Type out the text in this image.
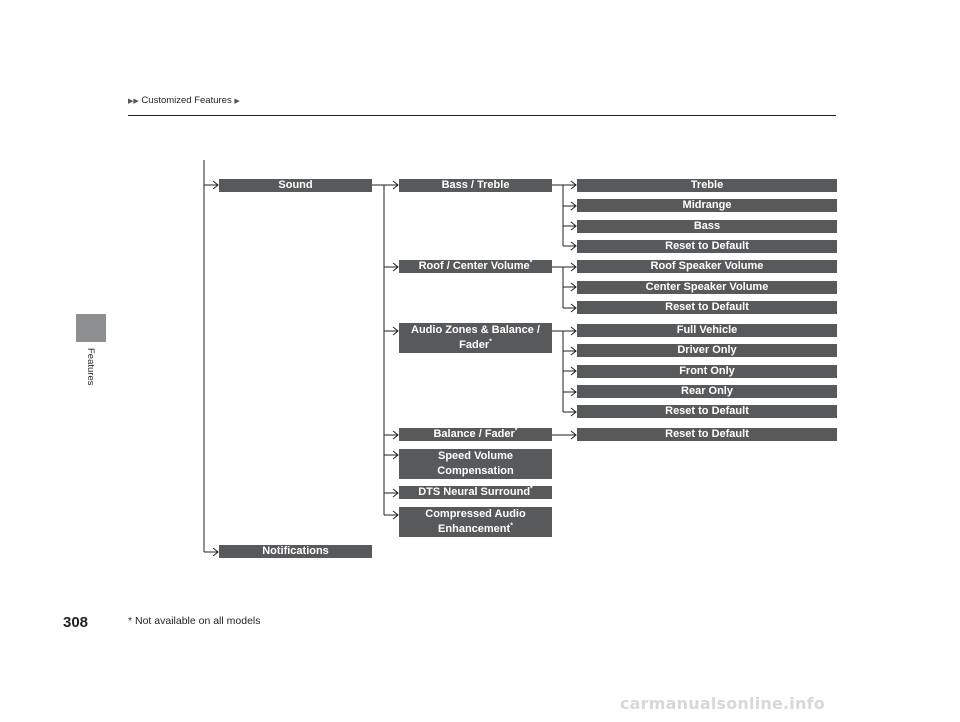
▶▶ Customized Features ▶
Features
Sound
Notifications
Bass / Treble
Roof / Center Volume*
Audio Zones & Balance /
Fader*
Balance / Fader*
Speed Volume
Compensation
DTS Neural Surround*
Compressed Audio
Enhancement*
Treble
Midrange
Bass
Reset to Default
Roof Speaker Volume
Center Speaker Volume
Reset to Default
Full Vehicle
Driver Only
Front Only
Rear Only
Reset to Default
Reset to Default
308	* Not available on all models
carmanualsonline.info
